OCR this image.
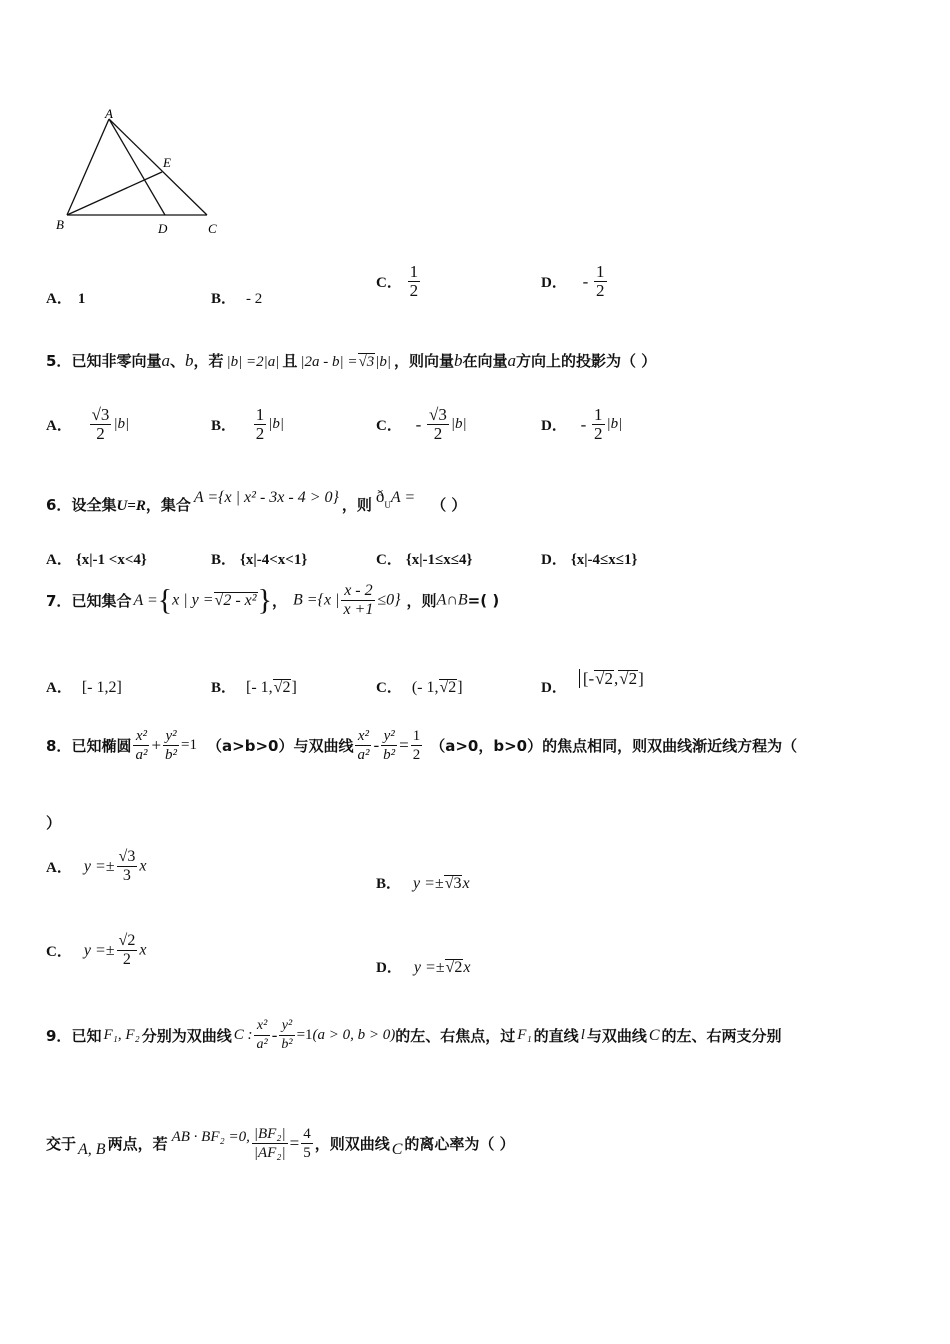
A
B	C
D
E
A． 1	B． - 2
C． $\frac{1}{2}$	D． - $\frac{1}{2}$
5．已知非零向量a、b，若 |b| =2|a| 且 |2a - b| =√3|b| ，则向量b在向量a方向上的投影为（ ）
A． $\frac{√3}{2} |b|$	B． $\frac{1}{2} |b|$	C． - $\frac{√3}{2} |b|$	D． - $\frac{1}{2} |b|$
6．设全集U=R，集合 A ={x | x² - 3x - 4 > 0} ，则 ðUA = （ ）
A． {x|-1 <x<4}	B． {x|-4<x<1}	C． {x|-1≤x≤4}	D． {x|-4≤x≤1}
7．已知集合 A ={x | y =√2 - x²}， B ={x | $\frac{x - 2}{x +1} \le 0$} ，则A∩B=( )
A． [- 1,2]	B． [- 1,√2]	C． (- 1,√2]	D． [-√2,√2]
8．已知椭圆 $\frac{\text{x²}}{\text{a²}} + \frac{\text{y²}}{\text{b²}} =1$ （a>b>0）与双曲线 $\frac{\text{x²}}{\text{a²}} - \frac{\text{y²}}{\text{b²}} = \frac{1}{2} (a>0$，b>0）的焦点相同，则双曲线渐近线方程为（
）
A． $y =\pm \frac{√3}{3}$ x
B． y =±√3x
C． $y =\pm \frac{√2}{2}$ x
D． y =±√2x
9．已知 F₁, F₂ 分别为双曲线 C : $\frac{\text{x²}}{\text{a²}} - \frac{\text{y²}}{\text{b²}} =1(a > 0$, b > 0)的左、右焦点，过 F₁ 的直线 l 与双曲线 C 的左、右两支分别
交于 A, B 两点，若 AB · BF₂ =0, $\frac{\text{|BF₂|}}{\text{|AF₂|}} = \frac{4}{5}$ ，则双曲线 C 的离心率为（ ）
